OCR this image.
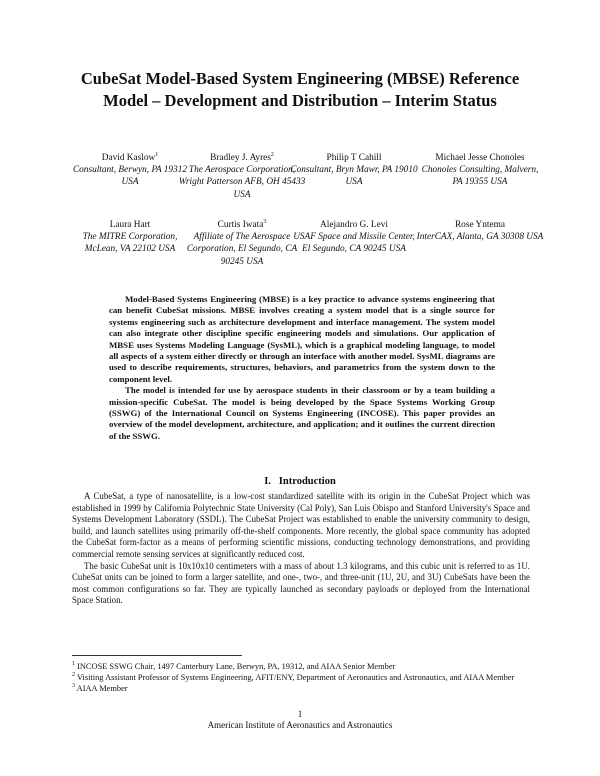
CubeSat Model-Based System Engineering (MBSE) Reference Model – Development and Distribution – Interim Status
David Kaslow$^1$
Consultant, Berwyn, PA 19312 USA
Bradley J. Ayres$^2$
The Aerospace Corporation, Wright Patterson AFB, OH 45433 USA
Philip T Cahill
Consultant, Bryn Mawr, PA 19010 USA
Michael Jesse Chonoles
Chonoles Consulting, Malvern, PA 19355 USA
Laura Hart
The MITRE Corporation, McLean, VA 22102 USA
Curtis Iwata$^3$
Affiliate of The Aerospace Corporation, El Segundo, CA 90245 USA
Alejandro G. Levi
USAF Space and Missile Center, El Segundo, CA 90245 USA
Rose Yntema
InterCAX, Alanta, GA 30308 USA

Model-Based Systems Engineering (MBSE) is a key practice to advance systems engineering that can benefit CubeSat missions. MBSE involves creating a system model that is a single source for systems engineering such as architecture development and interface management. The system model can also integrate other discipline specific engineering models and simulations. Our application of MBSE uses Systems Modeling Language (SysML), which is a graphical modeling language, to model all aspects of a system either directly or through an interface with another model. SysML diagrams are used to describe requirements, structures, behaviors, and parametrics from the system down to the component level.

The model is intended for use by aerospace students in their classroom or by a team building a mission-specific CubeSat. The model is being developed by the Space Systems Working Group (SSWG) of the International Council on Systems Engineering (INCOSE). This paper provides an overview of the model development, architecture, and application; and it outlines the current direction of the SSWG.

I. Introduction

A CubeSat, a type of nanosatellite, is a low-cost standardized satellite with its origin in the CubeSat Project which was established in 1999 by California Polytechnic State University (Cal Poly), San Luis Obispo and Stanford University's Space and Systems Development Laboratory (SSDL). The CubeSat Project was established to enable the university community to design, build, and launch satellites using primarily off-the-shelf components. More recently, the global space community has adopted the CubeSat form-factor as a means of performing scientific missions, conducting technology demonstrations, and providing commercial remote sensing services at significantly reduced cost.

The basic CubeSat unit is 10x10x10 centimeters with a mass of about 1.3 kilograms, and this cubic unit is referred to as 1U. CubeSat units can be joined to form a larger satellite, and one-, two-, and three-unit (1U, 2U, and 3U) CubeSats have been the most common configurations so far. They are typically launched as secondary payloads or deployed from the International Space Station.

$^1$ INCOSE SSWG Chair, 1497 Canterbury Lane, Berwyn, PA, 19312, and AIAA Senior Member

$^2$ Visiting Assistant Professor of Systems Engineering, AFIT/ENY, Department of Aeronautics and Astronautics, and AIAA Member

$^3$ AIAA Member

1
American Institute of Aeronautics and Astronautics
